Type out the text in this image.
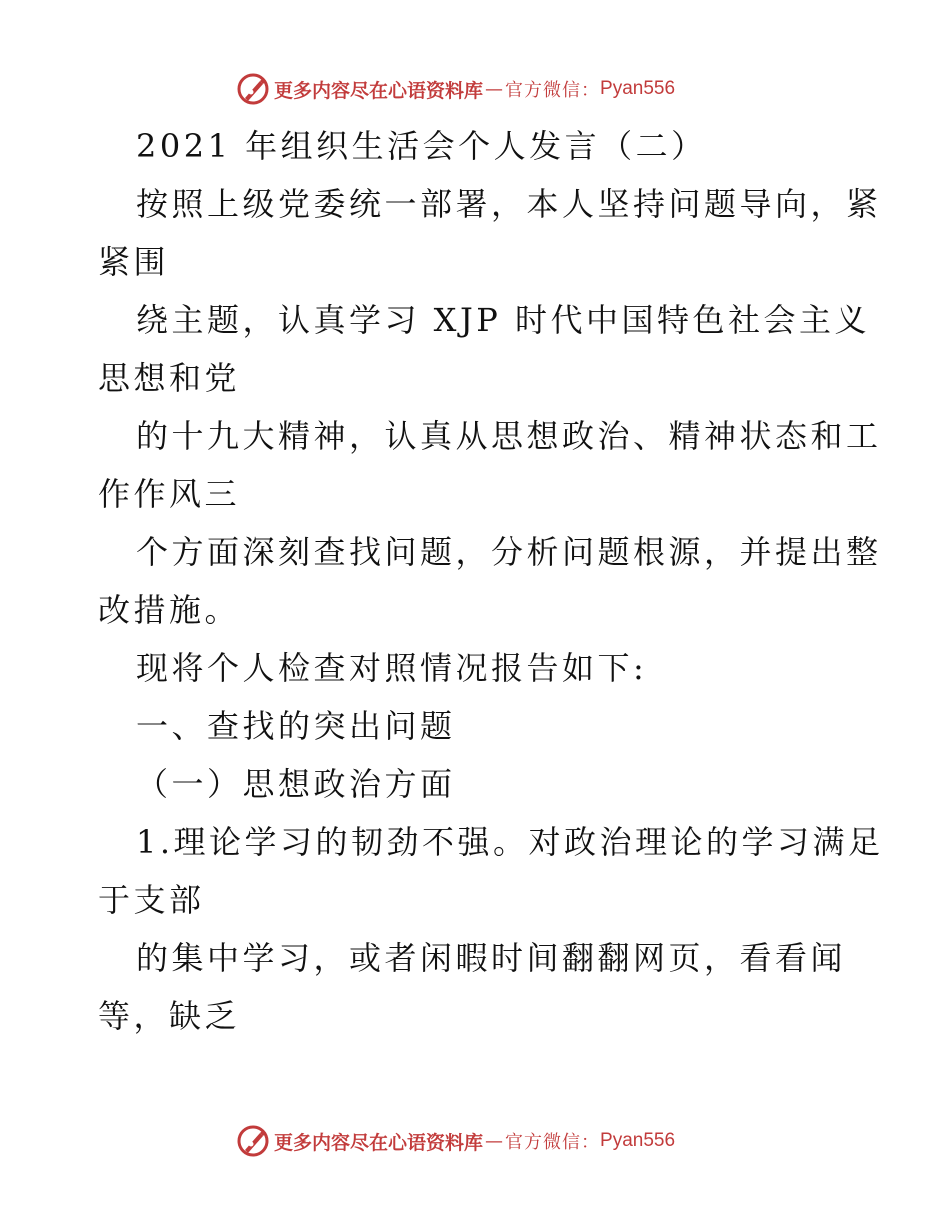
更多内容尽在心语资料库 — 官方微信： Pyan556
2021 年组织生活会个人发言（二）
按照上级党委统一部署，本人坚持问题导向，紧
紧围
绕主题，认真学习 XJP 时代中国特色社会主义
思想和党
的十九大精神，认真从思想政治、精神状态和工
作作风三
个方面深刻查找问题，分析问题根源，并提出整
改措施。
现将个人检查对照情况报告如下:
一、查找的突出问题
（一）思想政治方面
1.理论学习的韧劲不强。对政治理论的学习满足
于支部
的集中学习，或者闲暇时间翻翻网页，看看闻
等，缺乏
更多内容尽在心语资料库 — 官方微信： Pyan556
